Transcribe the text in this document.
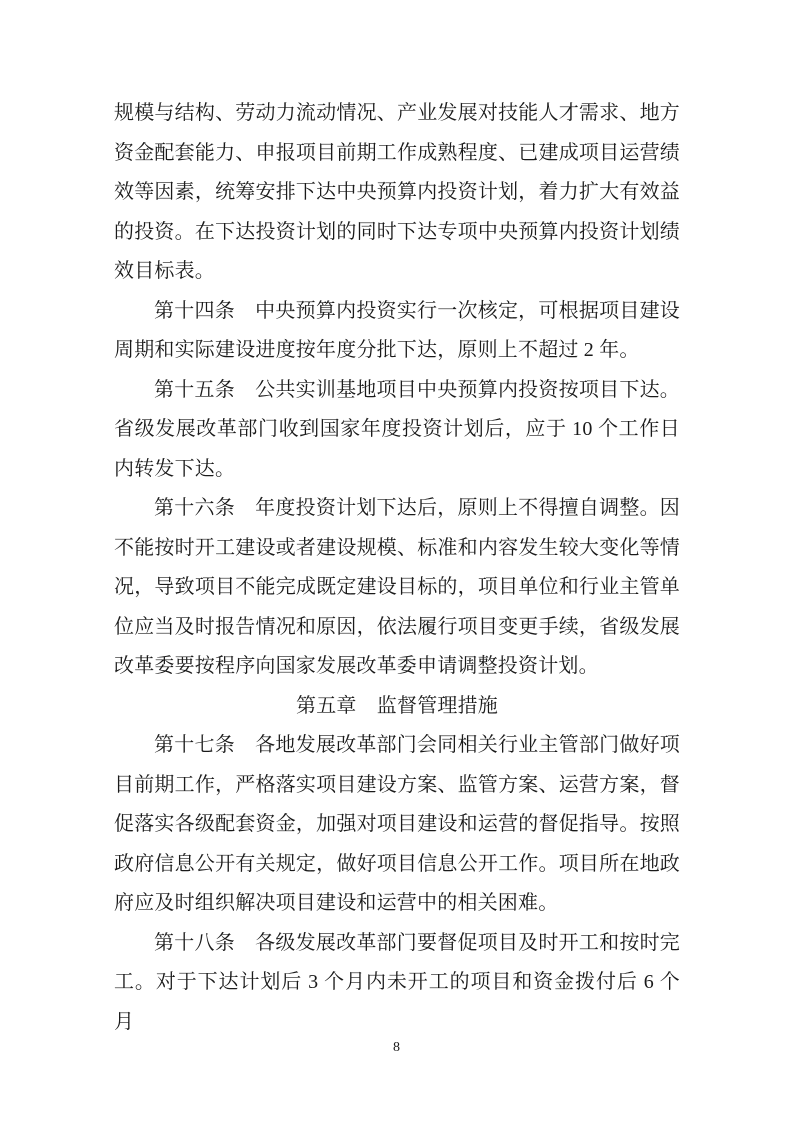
规模与结构、劳动力流动情况、产业发展对技能人才需求、地方资金配套能力、申报项目前期工作成熟程度、已建成项目运营绩效等因素，统筹安排下达中央预算内投资计划，着力扩大有效益的投资。在下达投资计划的同时下达专项中央预算内投资计划绩效目标表。

第十四条　中央预算内投资实行一次核定，可根据项目建设周期和实际建设进度按年度分批下达，原则上不超过 2 年。

第十五条　公共实训基地项目中央预算内投资按项目下达。省级发展改革部门收到国家年度投资计划后，应于 10 个工作日内转发下达。

第十六条　年度投资计划下达后，原则上不得擅自调整。因不能按时开工建设或者建设规模、标准和内容发生较大变化等情况，导致项目不能完成既定建设目标的，项目单位和行业主管单位应当及时报告情况和原因，依法履行项目变更手续，省级发展改革委要按程序向国家发展改革委申请调整投资计划。

第五章　监督管理措施

第十七条　各地发展改革部门会同相关行业主管部门做好项目前期工作，严格落实项目建设方案、监管方案、运营方案，督促落实各级配套资金，加强对项目建设和运营的督促指导。按照政府信息公开有关规定，做好项目信息公开工作。项目所在地政府应及时组织解决项目建设和运营中的相关困难。

第十八条　各级发展改革部门要督促项目及时开工和按时完工。对于下达计划后 3 个月内未开工的项目和资金拨付后 6 个月

8
